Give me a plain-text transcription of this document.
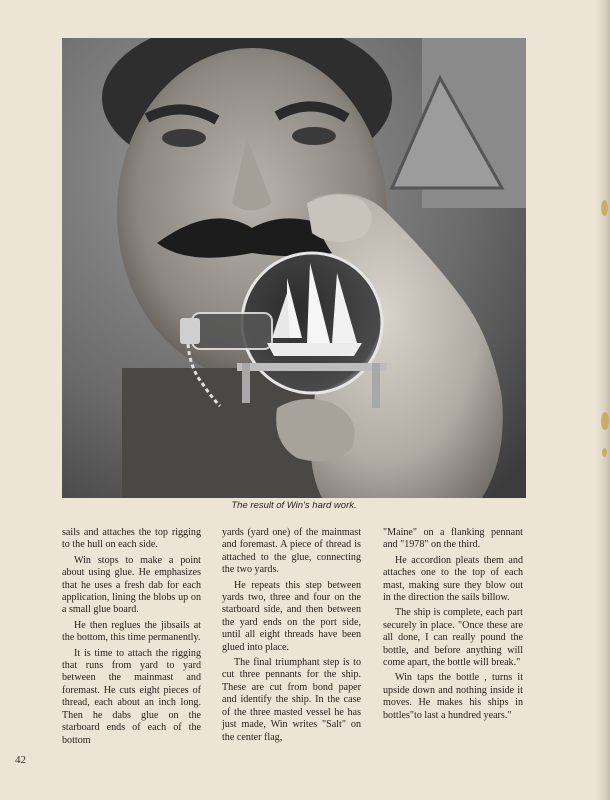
The result of Win's hard work.

sails and attaches the top rigging to the hull on each side.

Win stops to make a point about using glue. He emphasizes that he uses a fresh dab for each application, lining the blobs up on a small glue board.

He then reglues the jibsails at the bottom, this time permanently.

It is time to attach the rigging that runs from yard to yard between the mainmast and foremast. He cuts eight pieces of thread, each about an inch long. Then he dabs glue on the starboard ends of each of the bottom

yards (yard one) of the mainmast and foremast. A piece of thread is attached to the glue, connecting the two yards.

He repeats this step between yards two, three and four on the starboard side, and then between the yard ends on the port side, until all eight threads have been glued into place.

The final triumphant step is to cut three pennants for the ship. These are cut from bond paper and identify the ship. In the case of the three masted vessel he has just made, Win writes "Salt" on the center flag,

"Maine" on a flanking pennant and "1978" on the third.

He accordion pleats them and attaches one to the top of each mast, making sure they blow out in the direction the sails billow.

The ship is complete, each part securely in place. "Once these are all done, I can really pound the bottle, and before anything will come apart, the bottle will break."

Win taps the bottle , turns it upside down and nothing inside it moves. He makes his ships in bottles"to last a hundred years."

42
